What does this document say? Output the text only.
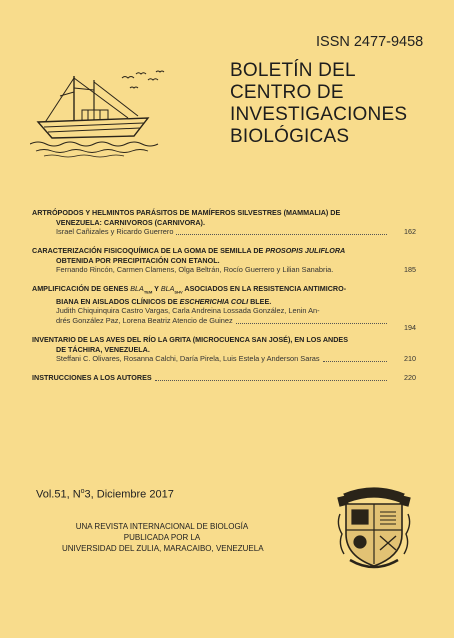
ISSN 2477-9458
BOLETÍN DEL
CENTRO DE
INVESTIGACIONES
BIOLÓGICAS
ARTRÓPODOS Y HELMINTOS PARÁSITOS DE MAMÍFEROS SILVESTRES (MAMMALIA) DE
VENEZUELA: CARNIVOROS (CARNIVORA).
Israel Cañizales y Ricardo Guerrero	162
CARACTERIZACIÓN FISICOQUÍMICA DE LA GOMA DE SEMILLA DE PROSOPIS JULIFLORA
OBTENIDA POR PRECIPITACIÓN CON ETANOL.
Fernando Rincón, Carmen Clamens, Olga Beltrán, Rocío Guerrero y Lilian Sanabria.	185
AMPLIFICACIÓN DE GENES $BLA_{TEM}$ Y $BLA_{SHV}$ ASOCIADOS EN LA RESISTENCIA ANTIMICRO-
BIANA EN AISLADOS CLÍNICOS DE ESCHERICHIA COLI BLEE.
Judith Chiquinquira Castro Vargas, Carla Andreina Lossada González, Lenin An-
drés González Paz, Lorena Beatriz Atencio de Guinez
194
INVENTARIO DE LAS AVES DEL RÍO LA GRITA (MICROCUENCA SAN JOSÉ), EN LOS ANDES
DE TÁCHIRA, VENEZUELA.
Steffani C. Olivares, Rosanna Calchi, Daría Pirela, Luis Estela y Anderson Saras	210
INSTRUCCIONES A LOS AUTORES	220
Vol.51, $N^o3$, Diciembre 2017
UNA REVISTA INTERNACIONAL DE BIOLOGÍA
PUBLICADA POR LA
UNIVERSIDAD DEL ZULIA, MARACAIBO, VENEZUELA
